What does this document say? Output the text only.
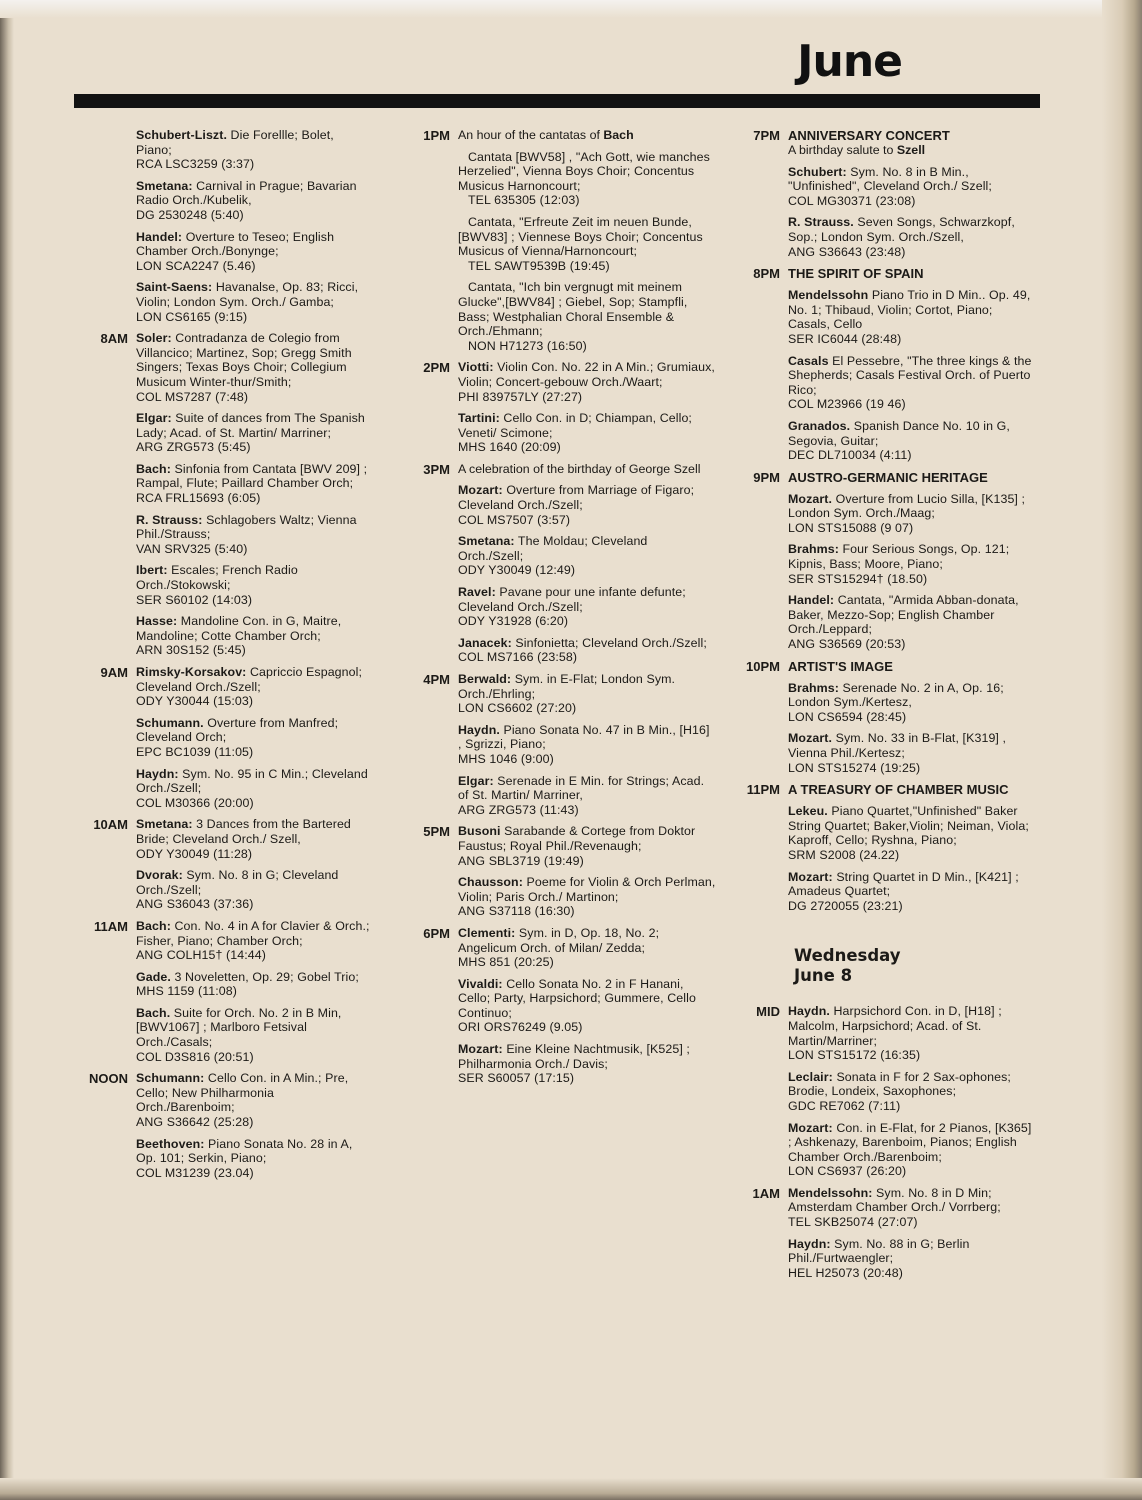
June
Schubert-Liszt. Die Forellle; Bolet, Piano;
RCA LSC3259 (3:37)
Smetana: Carnival in Prague; Bavarian Radio Orch./Kubelik,
DG 2530248 (5:40)
Handel: Overture to Teseo; English Chamber Orch./Bonynge;
LON SCA2247 (5.46)
Saint-Saens: Havanalse, Op. 83; Ricci, Violin; London Sym. Orch./ Gamba;
LON CS6165 (9:15)
8AM Soler: Contradanza de Colegio from Villancico; Martinez, Sop; Gregg Smith Singers; Texas Boys Choir; Collegium Musicum Winter-thur/Smith;
COL MS7287 (7:48)
Elgar: Suite of dances from The Spanish Lady; Acad. of St. Martin/ Marriner;
ARG ZRG573 (5:45)
Bach: Sinfonia from Cantata [BWV 209] ; Rampal, Flute; Paillard Chamber Orch;
RCA FRL15693 (6:05)
R. Strauss: Schlagobers Waltz; Vienna Phil./Strauss;
VAN SRV325 (5:40)
Ibert: Escales; French Radio Orch./Stokowski;
SER S60102 (14:03)
Hasse: Mandoline Con. in G, Maitre, Mandoline; Cotte Chamber Orch;
ARN 30S152 (5:45)
9AM Rimsky-Korsakov: Capriccio Espagnol; Cleveland Orch./Szell;
ODY Y30044 (15:03)
Schumann. Overture from Manfred; Cleveland Orch;
EPC BC1039 (11:05)
Haydn: Sym. No. 95 in C Min.; Cleveland Orch./Szell;
COL M30366 (20:00)
10AM Smetana: 3 Dances from the Bartered Bride; Cleveland Orch./ Szell,
ODY Y30049 (11:28)
Dvorak: Sym. No. 8 in G; Cleveland Orch./Szell;
ANG S36043 (37:36)
11AM Bach: Con. No. 4 in A for Clavier & Orch.; Fisher, Piano; Chamber Orch;
ANG COLH15† (14:44)
Gade. 3 Noveletten, Op. 29; Gobel Trio;
MHS 1159 (11:08)
Bach. Suite for Orch. No. 2 in B Min, [BWV1067] ; Marlboro Fetsival Orch./Casals;
COL D3S816 (20:51)
NOON Schumann: Cello Con. in A Min.; Pre, Cello; New Philharmonia Orch./Barenboim;
ANG S36642 (25:28)
Beethoven: Piano Sonata No. 28 in A, Op. 101; Serkin, Piano;
COL M31239 (23.04)
1PM An hour of the cantatas of Bach
Cantata [BWV58] , "Ach Gott, wie manches Herzelied", Vienna Boys Choir; Concentus Musicus Harnoncourt;
TEL 635305 (12:03)
Cantata, "Erfreute Zeit im neuen Bunde, [BWV83] ; Viennese Boys Choir; Concentus Musicus of Vienna/Harnoncourt;
TEL SAWT9539B (19:45)
Cantata, "Ich bin vergnugt mit meinem Glucke",[BWV84] ; Giebel, Sop; Stampfli, Bass; Westphalian Choral Ensemble & Orch./Ehmann;
NON H71273 (16:50)
2PM Viotti: Violin Con. No. 22 in A Min.; Grumiaux, Violin; Concert-gebouw Orch./Waart;
PHI 839757LY (27:27)
Tartini: Cello Con. in D; Chiampan, Cello; Veneti/ Scimone;
MHS 1640 (20:09)
3PM A celebration of the birthday of George Szell
Mozart: Overture from Marriage of Figaro; Cleveland Orch./Szell;
COL MS7507 (3:57)
Smetana: The Moldau; Cleveland Orch./Szell;
ODY Y30049 (12:49)
Ravel: Pavane pour une infante defunte; Cleveland Orch./Szell;
ODY Y31928 (6:20)
Janacek: Sinfonietta; Cleveland Orch./Szell;
COL MS7166 (23:58)
4PM Berwald: Sym. in E-Flat; London Sym. Orch./Ehrling;
LON CS6602 (27:20)
Haydn. Piano Sonata No. 47 in B Min., [H16] , Sgrizzi, Piano;
MHS 1046 (9:00)
Elgar: Serenade in E Min. for Strings; Acad. of St. Martin/ Marriner,
ARG ZRG573 (11:43)
5PM Busoni Sarabande & Cortege from Doktor Faustus; Royal Phil./Revenaugh;
ANG SBL3719 (19:49)
Chausson: Poeme for Violin & Orch Perlman, Violin; Paris Orch./ Martinon;
ANG S37118 (16:30)
6PM Clementi: Sym. in D, Op. 18, No. 2; Angelicum Orch. of Milan/ Zedda;
MHS 851 (20:25)
Vivaldi: Cello Sonata No. 2 in F Hanani, Cello; Party, Harpsichord; Gummere, Cello Continuo;
ORI ORS76249 (9.05)
Mozart: Eine Kleine Nachtmusik, [K525] ; Philharmonia Orch./ Davis;
SER S60057 (17:15)
7PM ANNIVERSARY CONCERT
A birthday salute to Szell
Schubert: Sym. No. 8 in B Min., "Unfinished", Cleveland Orch./ Szell;
COL MG30371 (23:08)
R. Strauss. Seven Songs, Schwarzkopf, Sop.; London Sym. Orch./Szell,
ANG S36643 (23:48)
8PM THE SPIRIT OF SPAIN
Mendelssohn Piano Trio in D Min.. Op. 49, No. 1; Thibaud, Violin; Cortot, Piano; Casals, Cello
SER IC6044 (28:48)
Casals El Pessebre, "The three kings & the Shepherds; Casals Festival Orch. of Puerto Rico;
COL M23966 (19 46)
Granados. Spanish Dance No. 10 in G, Segovia, Guitar;
DEC DL710034 (4:11)
9PM AUSTRO-GERMANIC HERITAGE
Mozart. Overture from Lucio Silla, [K135] ; London Sym. Orch./Maag;
LON STS15088 (9 07)
Brahms: Four Serious Songs, Op. 121; Kipnis, Bass; Moore, Piano;
SER STS15294† (18.50)
Handel: Cantata, "Armida Abban-donata, Baker, Mezzo-Sop; English Chamber Orch./Leppard;
ANG S36569 (20:53)
10PM ARTIST'S IMAGE
Brahms: Serenade No. 2 in A, Op. 16; London Sym./Kertesz,
LON CS6594 (28:45)
Mozart. Sym. No. 33 in B-Flat, [K319] , Vienna Phil./Kertesz;
LON STS15274 (19:25)
11PM A TREASURY OF CHAMBER MUSIC
Lekeu. Piano Quartet,"Unfinished" Baker String Quartet; Baker,Violin; Neiman, Viola; Kaproff, Cello; Ryshna, Piano;
SRM S2008 (24.22)
Mozart: String Quartet in D Min., [K421] ; Amadeus Quartet;
DG 2720055 (23:21)
Wednesday
June 8
MID Haydn. Harpsichord Con. in D, [H18] ; Malcolm, Harpsichord; Acad. of St. Martin/Marriner;
LON STS15172 (16:35)
Leclair: Sonata in F for 2 Sax-ophones; Brodie, Londeix, Saxophones;
GDC RE7062 (7:11)
Mozart: Con. in E-Flat, for 2 Pianos, [K365] ; Ashkenazy, Barenboim, Pianos; English Chamber Orch./Barenboim;
LON CS6937 (26:20)
1AM Mendelssohn: Sym. No. 8 in D Min; Amsterdam Chamber Orch./ Vorrberg;
TEL SKB25074 (27:07)
Haydn: Sym. No. 88 in G; Berlin Phil./Furtwaengler;
HEL H25073 (20:48)
